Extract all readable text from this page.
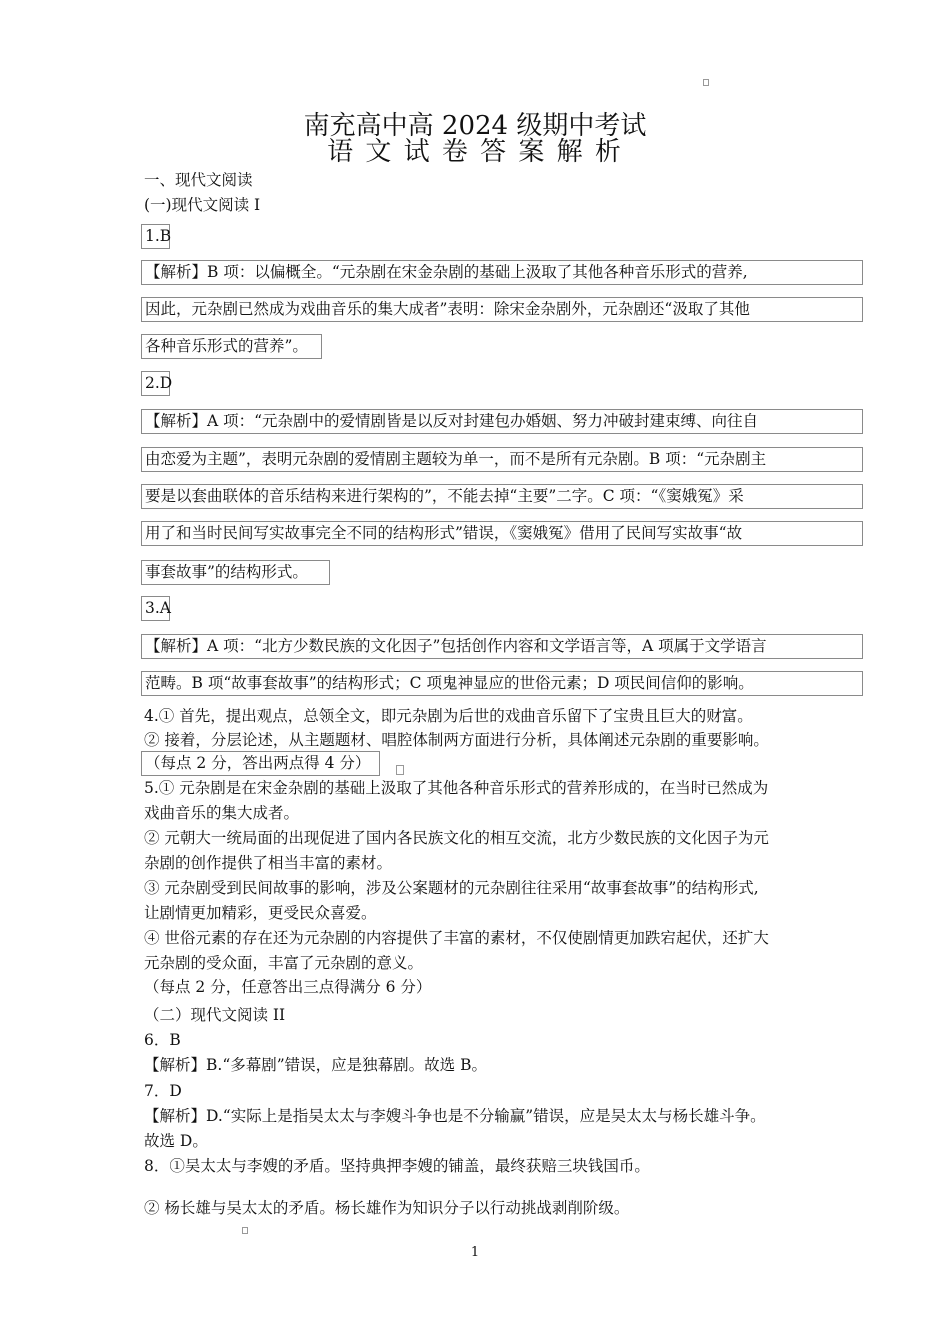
南充高中高 2024 级期中考试
语 文 试 卷 答 案 解 析
一、现代文阅读
(一)现代文阅读 I
1.B
【解析】B 项：以偏概全。“元杂剧在宋金杂剧的基础上汲取了其他各种音乐形式的营养,
因此，元杂剧已然成为戏曲音乐的集大成者”表明：除宋金杂剧外，元杂剧还“汲取了其他
各种音乐形式的营养”。
2.D
【解析】A 项：“元杂剧中的爱情剧皆是以反对封建包办婚姻、努力冲破封建束缚、向往自
由恋爱为主题”，表明元杂剧的爱情剧主题较为单一，而不是所有元杂剧。B 项：“元杂剧主
要是以套曲联体的音乐结构来进行架构的”，不能去掉“主要”二字。C 项：“《窦娥冤》采
用了和当时民间写实故事完全不同的结构形式”错误，《窦娥冤》借用了民间写实故事“故
事套故事”的结构形式。
3.A
【解析】A 项：“北方少数民族的文化因子”包括创作内容和文学语言等，A 项属于文学语言
范畴。B 项“故事套故事”的结构形式；C 项鬼神显应的世俗元素；D 项民间信仰的影响。
4.① 首先，提出观点，总领全文，即元杂剧为后世的戏曲音乐留下了宝贵且巨大的财富。
② 接着，分层论述，从主题题材、唱腔体制两方面进行分析，具体阐述元杂剧的重要影响。
（每点 2 分，答出两点得 4 分）
5.① 元杂剧是在宋金杂剧的基础上汲取了其他各种音乐形式的营养形成的，在当时已然成为
戏曲音乐的集大成者。
② 元朝大一统局面的出现促进了国内各民族文化的相互交流，北方少数民族的文化因子为元
杂剧的创作提供了相当丰富的素材。
③ 元杂剧受到民间故事的影响，涉及公案题材的元杂剧往往采用“故事套故事”的结构形式,
让剧情更加精彩，更受民众喜爱。
④ 世俗元素的存在还为元杂剧的内容提供了丰富的素材，不仅使剧情更加跌宕起伏，还扩大
元杂剧的受众面，丰富了元杂剧的意义。
（每点 2 分，任意答出三点得满分 6 分）
（二）现代文阅读 II
6．B
【解析】B.“多幕剧”错误，应是独幕剧。故选 B。
7．D
【解析】D.“实际上是指吴太太与李嫂斗争也是不分输赢”错误，应是吴太太与杨长雄斗争。
故选 D。
8．①吴太太与李嫂的矛盾。坚持典押李嫂的铺盖，最终获赔三块钱国币。
② 杨长雄与吴太太的矛盾。杨长雄作为知识分子以行动挑战剥削阶级。
1
